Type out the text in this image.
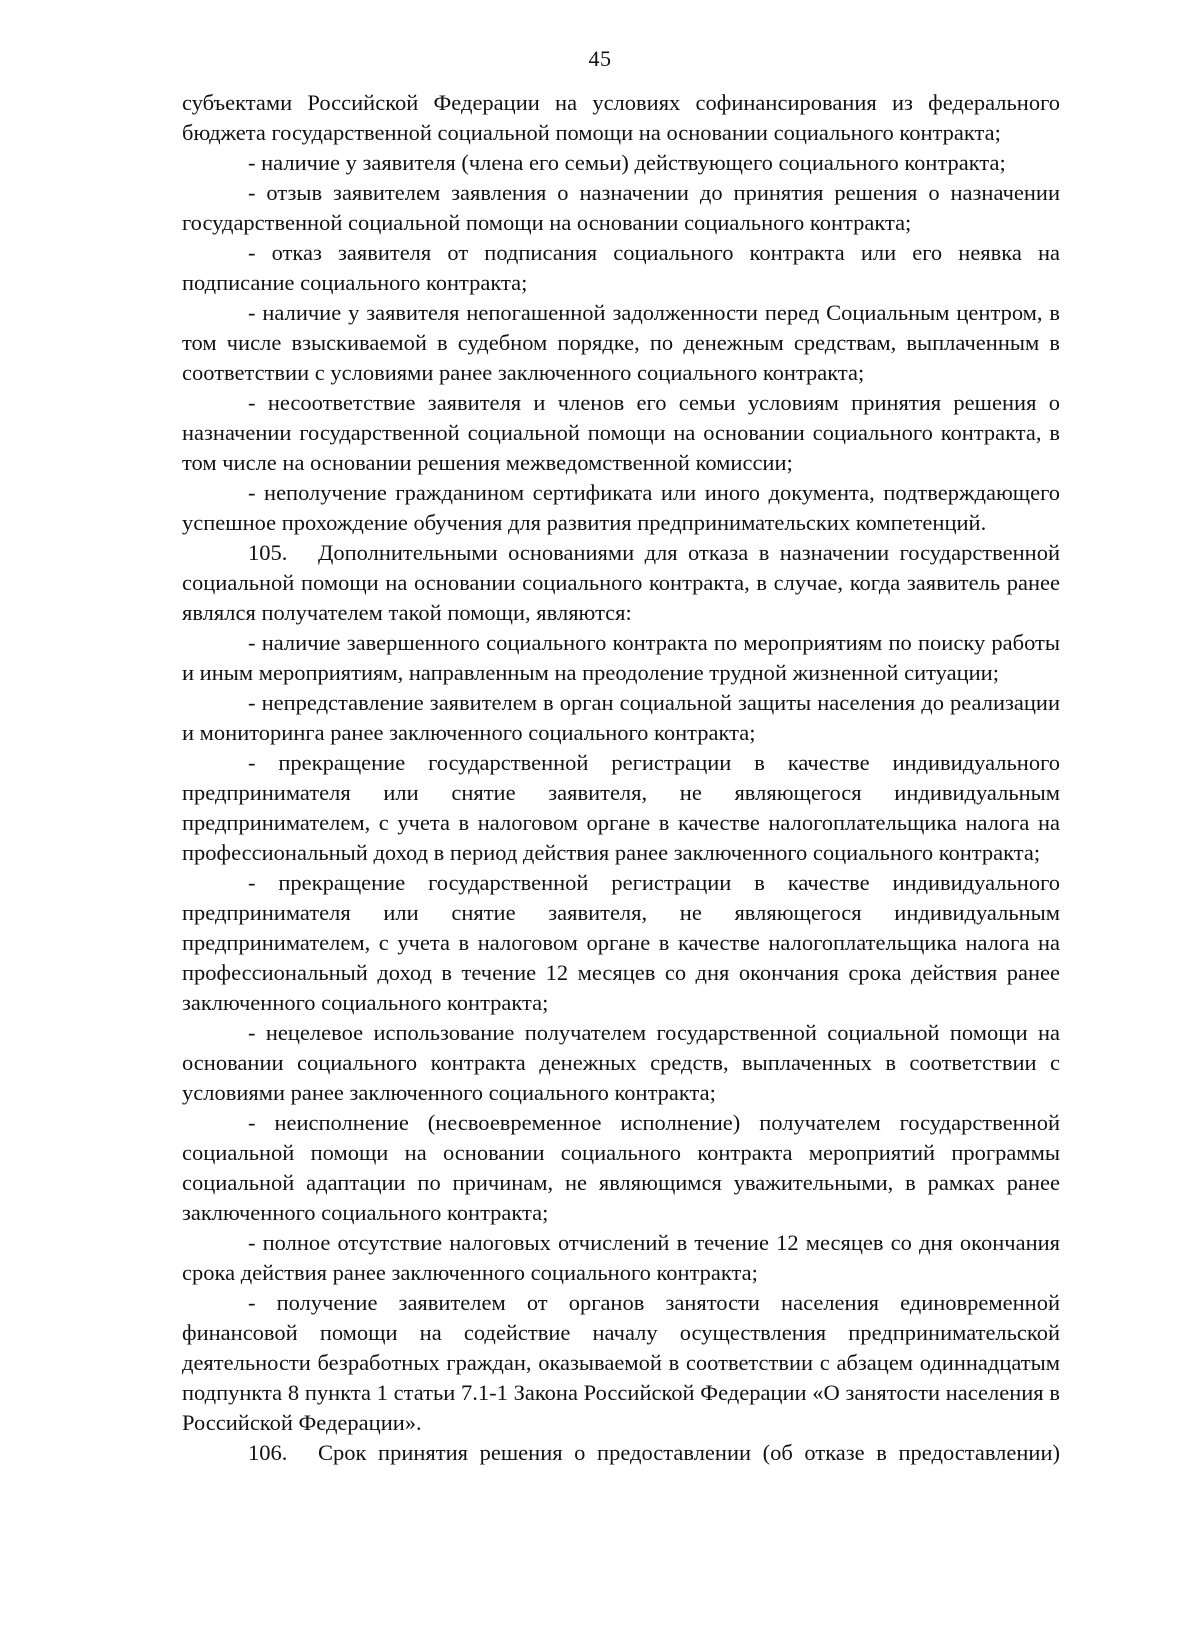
45

субъектами Российской Федерации на условиях софинансирования из федерального бюджета государственной социальной помощи на основании социального контракта;

- наличие у заявителя (члена его семьи) действующего социального контракта;

- отзыв заявителем заявления о назначении до принятия решения о назначении государственной социальной помощи на основании социального контракта;

- отказ заявителя от подписания социального контракта или его неявка на подписание социального контракта;

- наличие у заявителя непогашенной задолженности перед Социальным центром, в том числе взыскиваемой в судебном порядке, по денежным средствам, выплаченным в соответствии с условиями ранее заключенного социального контракта;

- несоответствие заявителя и членов его семьи условиям принятия решения о назначении государственной социальной помощи на основании социального контракта, в том числе на основании решения межведомственной комиссии;

- неполучение гражданином сертификата или иного документа, подтверждающего успешное прохождение обучения для развития предпринимательских компетенций.

105. Дополнительными основаниями для отказа в назначении государственной социальной помощи на основании социального контракта, в случае, когда заявитель ранее являлся получателем такой помощи, являются:

- наличие завершенного социального контракта по мероприятиям по поиску работы и иным мероприятиям, направленным на преодоление трудной жизненной ситуации;

- непредставление заявителем в орган социальной защиты населения до реализации и мониторинга ранее заключенного социального контракта;

- прекращение государственной регистрации в качестве индивидуального предпринимателя или снятие заявителя, не являющегося индивидуальным предпринимателем, с учета в налоговом органе в качестве налогоплательщика налога на профессиональный доход в период действия ранее заключенного социального контракта;

- прекращение государственной регистрации в качестве индивидуального предпринимателя или снятие заявителя, не являющегося индивидуальным предпринимателем, с учета в налоговом органе в качестве налогоплательщика налога на профессиональный доход в течение 12 месяцев со дня окончания срока действия ранее заключенного социального контракта;

- нецелевое использование получателем государственной социальной помощи на основании социального контракта денежных средств, выплаченных в соответствии с условиями ранее заключенного социального контракта;

- неисполнение (несвоевременное исполнение) получателем государственной социальной помощи на основании социального контракта мероприятий программы социальной адаптации по причинам, не являющимся уважительными, в рамках ранее заключенного социального контракта;

- полное отсутствие налоговых отчислений в течение 12 месяцев со дня окончания срока действия ранее заключенного социального контракта;

- получение заявителем от органов занятости населения единовременной финансовой помощи на содействие началу осуществления предпринимательской деятельности безработных граждан, оказываемой в соответствии с абзацем одиннадцатым подпункта 8 пункта 1 статьи 7.1-1 Закона Российской Федерации «О занятости населения в Российской Федерации».

106. Срок принятия решения о предоставлении (об отказе в предоставлении)
